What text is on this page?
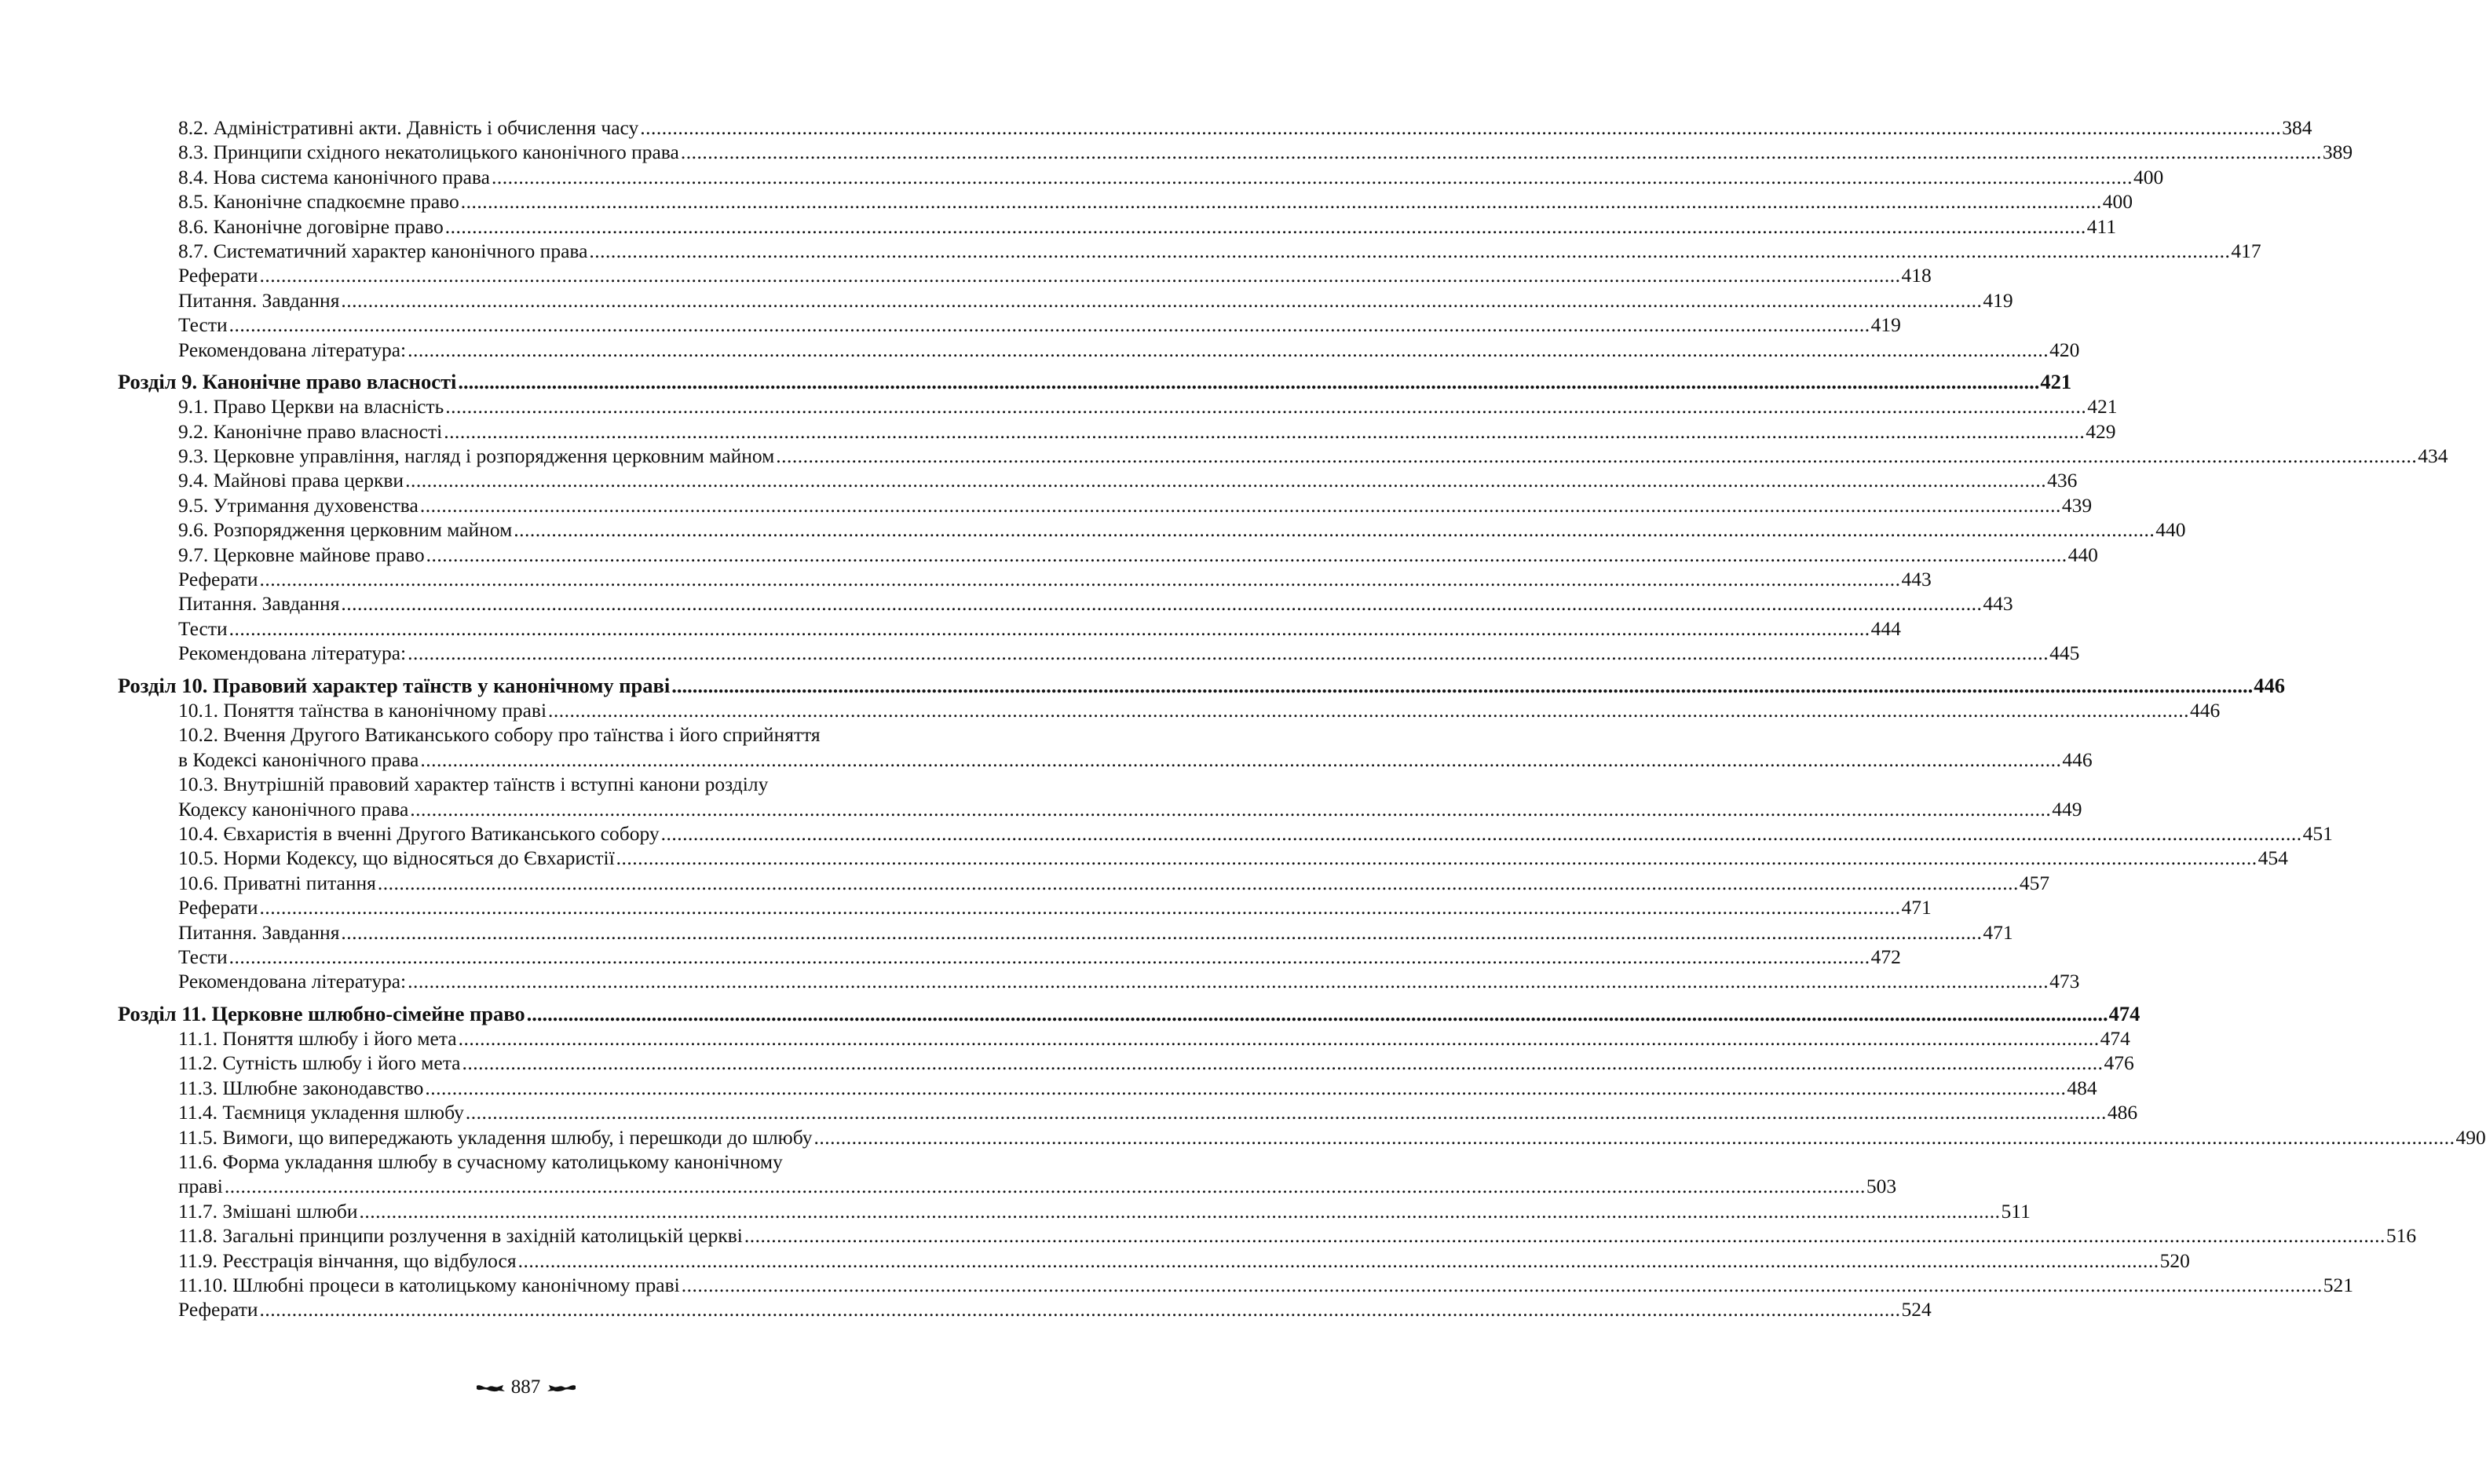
8.2. Адміністративні акти. Давність і обчислення часу .....	384
8.3. Принципи східного некатолицького канонічного права .....	389
8.4. Нова система канонічного права .....	400
8.5. Канонічне спадкоємне право .....	400
8.6. Канонічне договірне право .....	411
8.7. Систематичний характер канонічного права .....	417
Реферати .....	418
Питання. Завдання .....	419
Тести .....	419
Рекомендована література: .....	420
Розділ 9. Канонічне право власності .....	421
9.1. Право Церкви на власність .....	421
9.2. Канонічне право власності .....	429
9.3. Церковне управління, нагляд і розпорядження церковним майном .....	434
9.4. Майнові права церкви .....	436
9.5. Утримання духовенства .....	439
9.6. Розпорядження церковним майном .....	440
9.7. Церковне майнове право .....	440
Реферати .....	443
Питання. Завдання .....	443
Тести .....	444
Рекомендована література: .....	445
Розділ 10. Правовий характер таїнств у канонічному праві .....	446
10.1. Поняття таїнства в канонічному праві .....	446
10.2. Вчення Другого Ватиканського собору про таїнства і його сприйняття
в Кодексі канонічного права .....	446
10.3. Внутрішній правовий характер таїнств і вступні канони розділу
Кодексу канонічного права .....	449
10.4. Євхаристія в вченні Другого Ватиканського собору .....	451
10.5. Норми Кодексу, що відносяться до Євхаристії .....	454
10.6. Приватні питання .....	457
Реферати .....	471
Питання. Завдання .....	471
Тести .....	472
Рекомендована література: .....	473
Розділ 11. Церковне шлюбно-сімейне право .....	474
11.1. Поняття шлюбу і його мета .....	474
11.2. Сутність шлюбу і його мета .....	476
11.3. Шлюбне законодавство .....	484
11.4. Таємниця укладення шлюбу .....	486
11.5. Вимоги, що випереджають укладення шлюбу, і перешкоди до шлюбу .....	490
11.6. Форма укладання шлюбу в сучасному католицькому канонічному
праві .....	503
11.7. Змішані шлюби .....	511
11.8. Загальні принципи розлучення в західній католицькій церкві .....	516
11.9. Реєстрація вінчання, що відбулося .....	520
11.10. Шлюбні процеси в католицькому канонічному праві .....	521
Реферати .....	524
887
